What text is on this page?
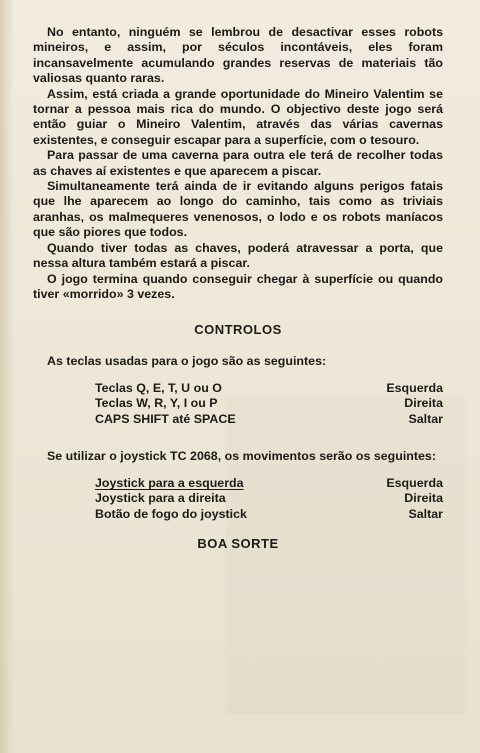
No entanto, ninguém se lembrou de desactivar esses robots mineiros, e assim, por séculos incontáveis, eles foram incansavelmente acumulando grandes reservas de materiais tão valiosas quanto raras.

Assim, está criada a grande oportunidade do Mineiro Valentim se tornar a pessoa mais rica do mundo. O objectivo deste jogo será então guiar o Mineiro Valentim, através das várias cavernas existentes, e conseguir escapar para a superfície, com o tesouro.

Para passar de uma caverna para outra ele terá de recolher todas as chaves aí existentes e que aparecem a piscar.

Simultaneamente terá ainda de ir evitando alguns perigos fatais que lhe aparecem ao longo do caminho, tais como as triviais aranhas, os malmequeres venenosos, o lodo e os robots maníacos que são piores que todos.

Quando tiver todas as chaves, poderá atravessar a porta, que nessa altura também estará a piscar.

O jogo termina quando conseguir chegar à superfície ou quando tiver «morrido» 3 vezes.

CONTROLOS

As teclas usadas para o jogo são as seguintes:

Teclas Q, E, T, U ou O	Esquerda
Teclas W, R, Y, I ou P	Direita
CAPS SHIFT até SPACE	Saltar

Se utilizar o joystick TC 2068, os movimentos serão os seguintes:

Joystick para a esquerda	Esquerda
Joystick para a direita	Direita
Botão de fogo do joystick	Saltar
BOA SORTE
